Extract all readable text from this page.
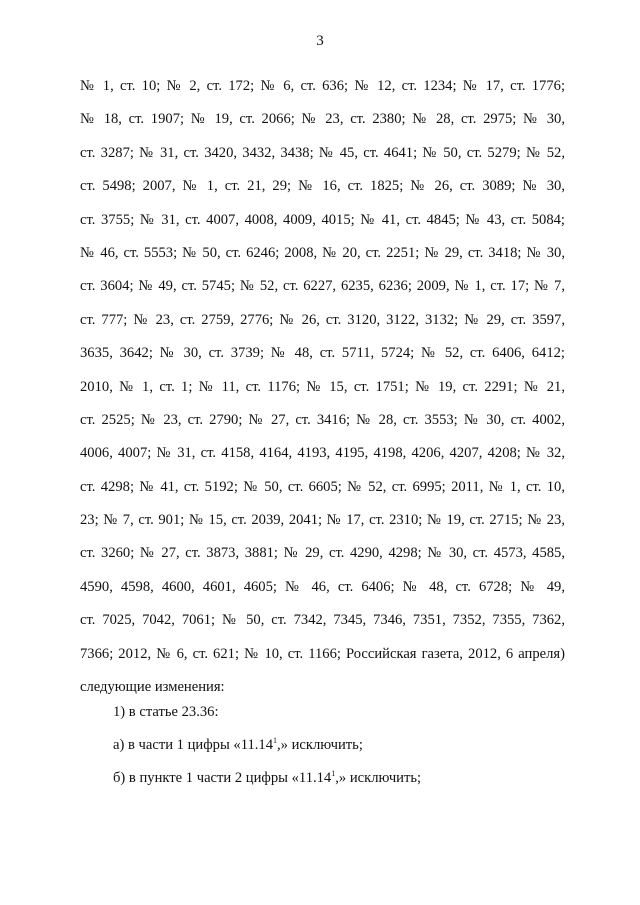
3
№ 1, ст. 10; № 2, ст. 172; № 6, ст. 636; № 12, ст. 1234; № 17, ст. 1776;
№ 18, ст. 1907; № 19, ст. 2066; № 23, ст. 2380; № 28, ст. 2975; № 30,
ст. 3287; № 31, ст. 3420, 3432, 3438; № 45, ст. 4641; № 50, ст. 5279; № 52,
ст. 5498; 2007, № 1, ст. 21, 29; № 16, ст. 1825; № 26, ст. 3089; № 30,
ст. 3755; № 31, ст. 4007, 4008, 4009, 4015; № 41, ст. 4845; № 43, ст. 5084;
№ 46, ст. 5553; № 50, ст. 6246; 2008, № 20, ст. 2251; № 29, ст. 3418; № 30,
ст. 3604; № 49, ст. 5745; № 52, ст. 6227, 6235, 6236; 2009, № 1, ст. 17; № 7,
ст. 777; № 23, ст. 2759, 2776; № 26, ст. 3120, 3122, 3132; № 29, ст. 3597,
3635, 3642; № 30, ст. 3739; № 48, ст. 5711, 5724; № 52, ст. 6406, 6412;
2010, № 1, ст. 1; № 11, ст. 1176; № 15, ст. 1751; № 19, ст. 2291; № 21,
ст. 2525; № 23, ст. 2790; № 27, ст. 3416; № 28, ст. 3553; № 30, ст. 4002,
4006, 4007; № 31, ст. 4158, 4164, 4193, 4195, 4198, 4206, 4207, 4208; № 32,
ст. 4298; № 41, ст. 5192; № 50, ст. 6605; № 52, ст. 6995; 2011, № 1, ст. 10,
23; № 7, ст. 901; № 15, ст. 2039, 2041; № 17, ст. 2310; № 19, ст. 2715; № 23,
ст. 3260; № 27, ст. 3873, 3881; № 29, ст. 4290, 4298; № 30, ст. 4573, 4585,
4590, 4598, 4600, 4601, 4605; № 46, ст. 6406; № 48, ст. 6728; № 49,
ст. 7025, 7042, 7061; № 50, ст. 7342, 7345, 7346, 7351, 7352, 7355, 7362,
7366; 2012, № 6, ст. 621; № 10, ст. 1166; Российская газета, 2012, 6 апреля)
следующие изменения:
1) в статье 23.36:
а) в части 1 цифры «11.14$^1$,» исключить;
б) в пункте 1 части 2 цифры «11.14$^1$,» исключить;
